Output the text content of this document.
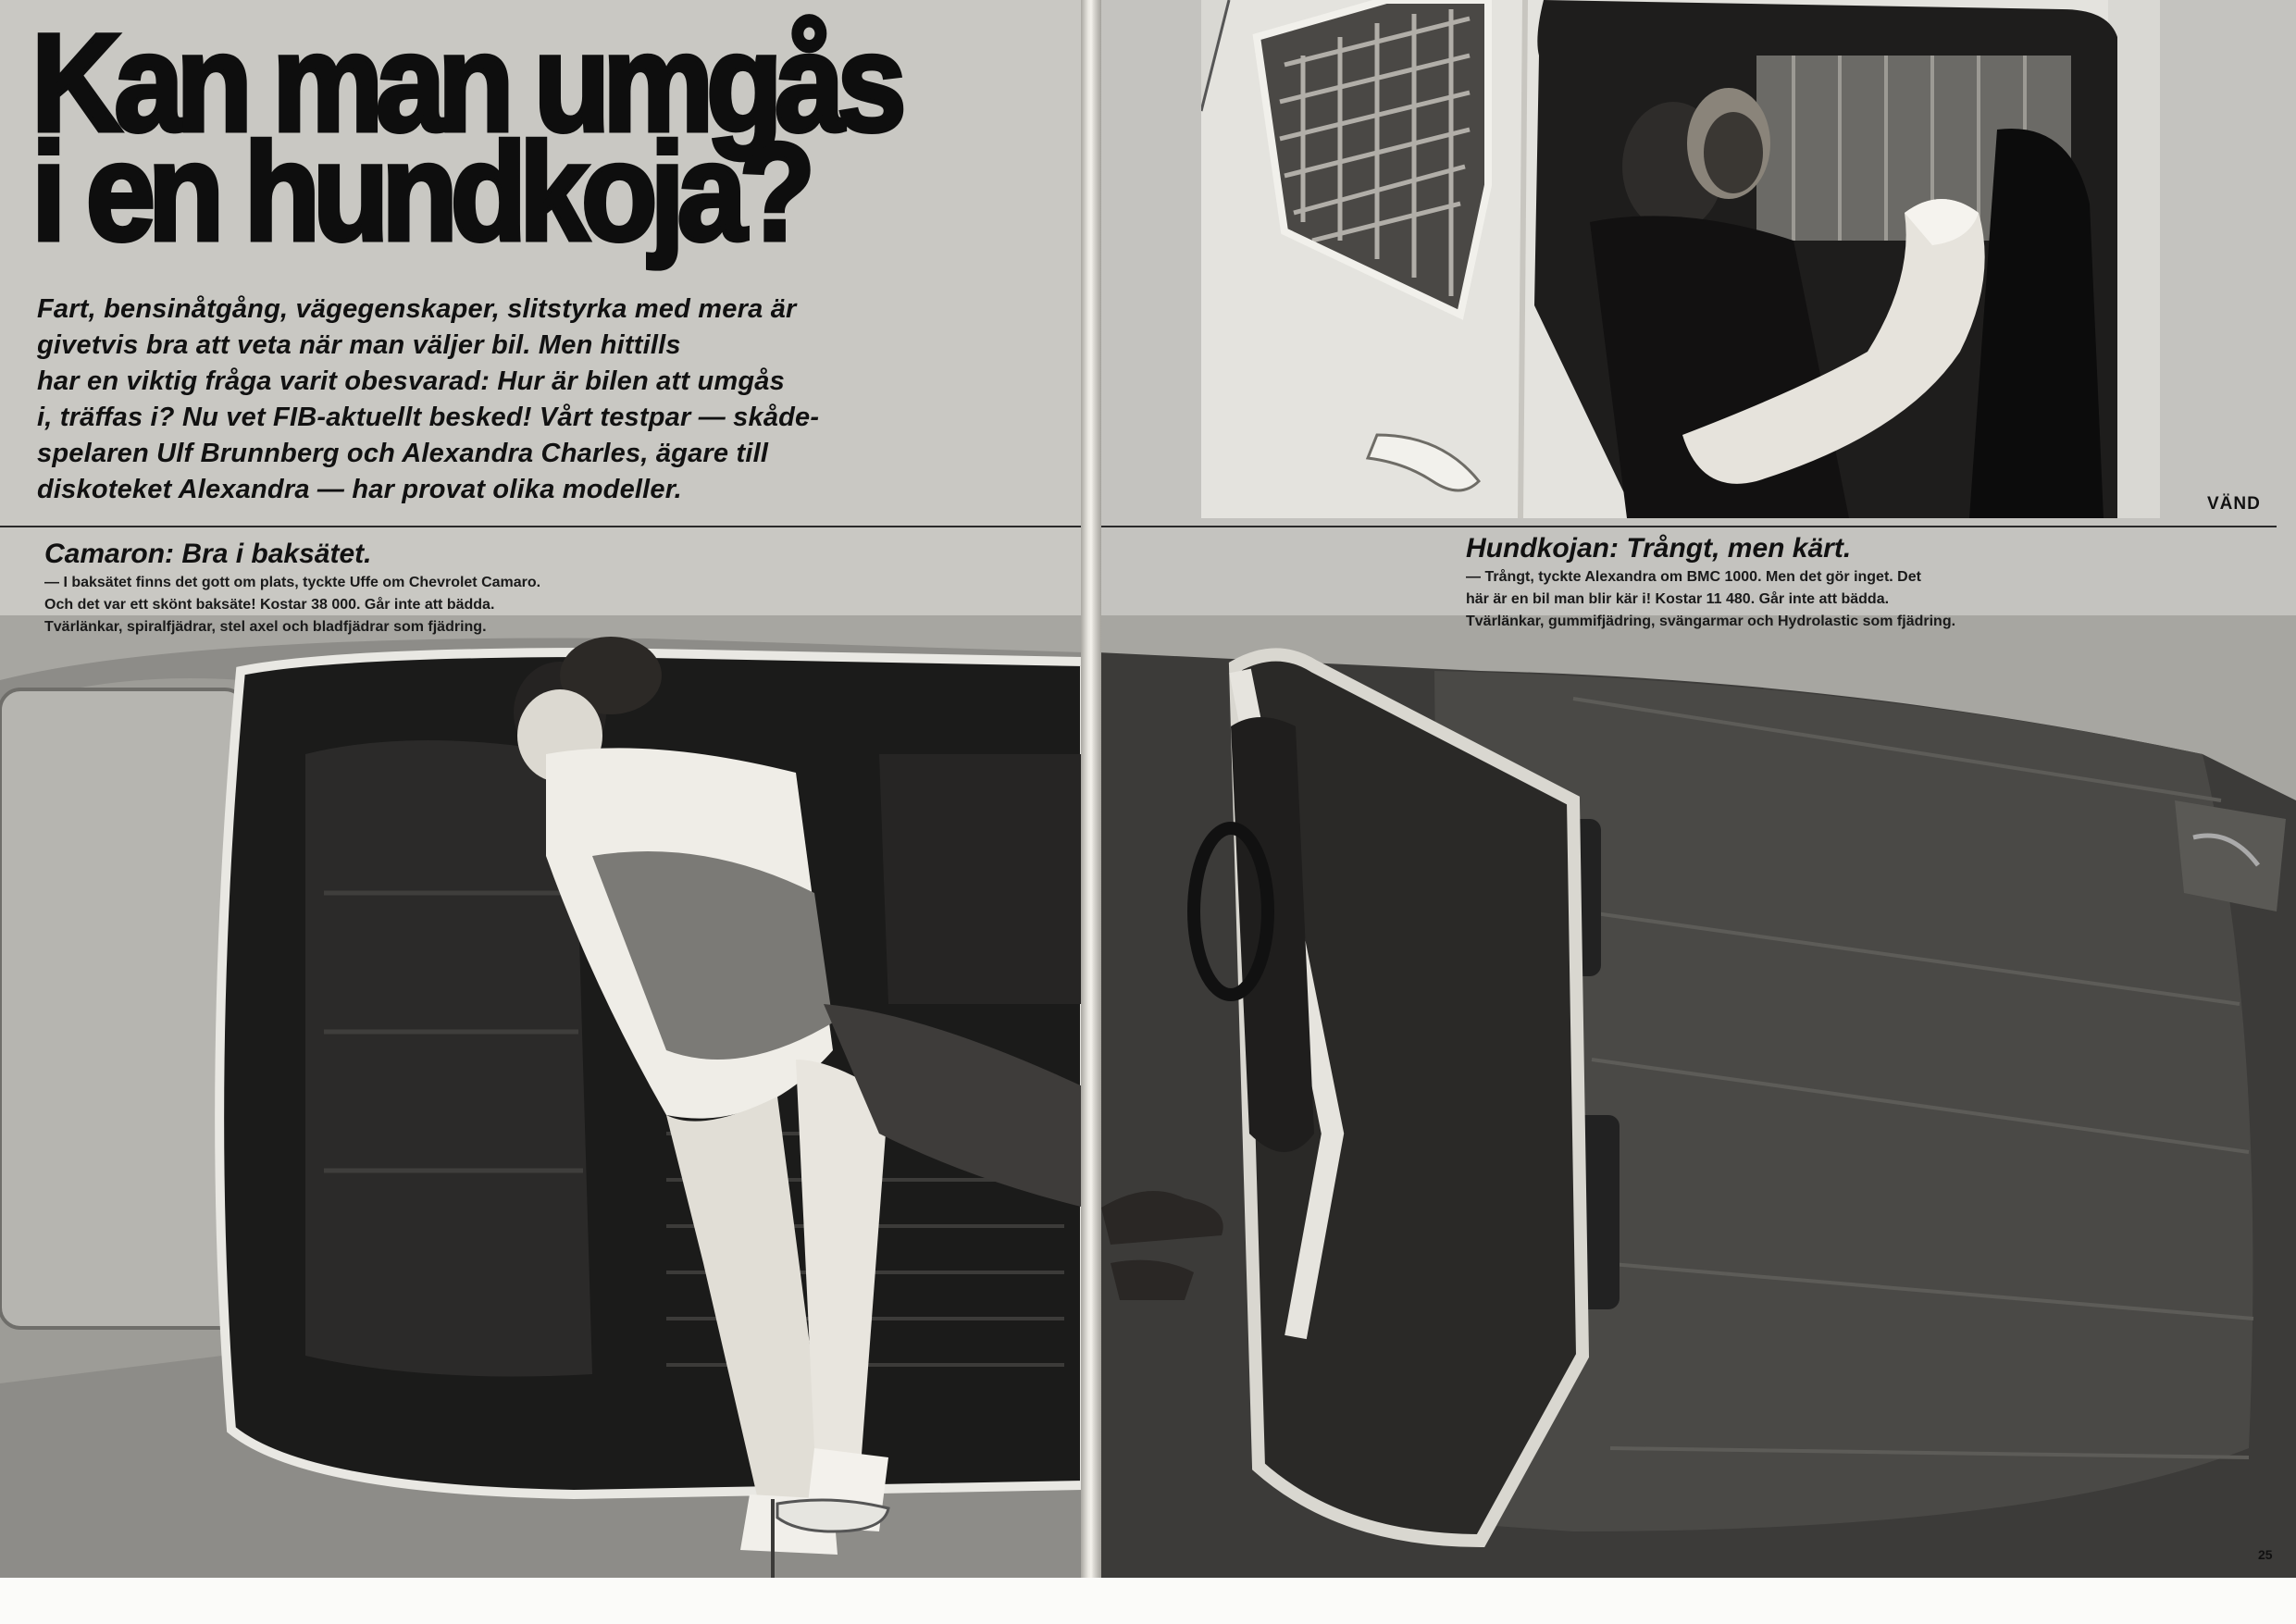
Kan man umgås
i en hundkoja?

Fart, bensinåtgång, vägegenskaper, slitstyrka med mera är
givetvis bra att veta när man väljer bil. Men hittills
har en viktig fråga varit obesvarad: Hur är bilen att umgås
i, träffas i? Nu vet FIB-aktuellt besked! Vårt testpar — skåde-
spelaren Ulf Brunnberg och Alexandra Charles, ägare till
diskoteket Alexandra — har provat olika modeller.

Camaron: Bra i baksätet.

— I baksätet finns det gott om plats, tyckte Uffe om Chevrolet Camaro.
Och det var ett skönt baksäte! Kostar 38 000. Går inte att bädda.
Tvärlänkar, spiralfjädrar, stel axel och bladfjädrar som fjädring.

Hundkojan: Trångt, men kärt.

— Trångt, tyckte Alexandra om BMC 1000. Men det gör inget. Det
här är en bil man blir kär i! Kostar 11 480. Går inte att bädda.
Tvärlänkar, gummifjädring, svängarmar och Hydrolastic som fjädring.

VÄND
25
